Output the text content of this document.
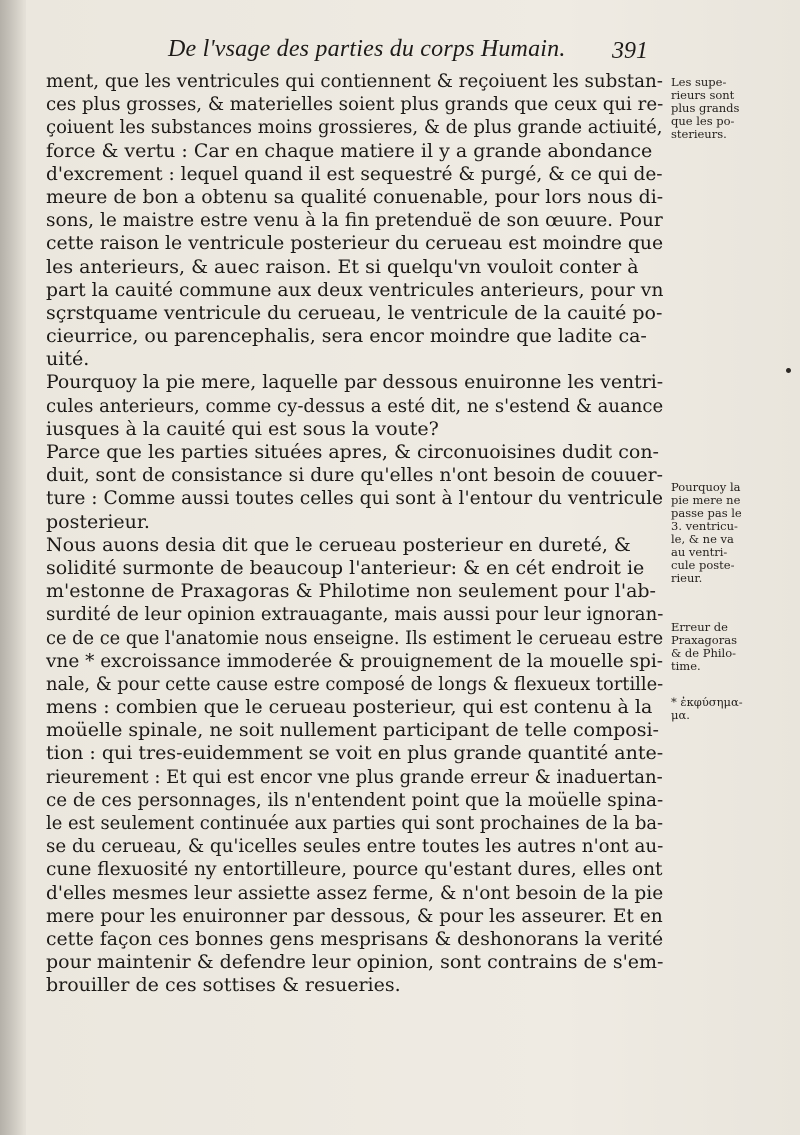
De l'vsage des parties du corps Humain. 391
ment, que les ventricules qui contiennent & reçoiuent les substan-
ces plus grosses, & materielles soient plus grands que ceux qui re-
çoiuent les substances moins grossieres, & de plus grande actiuité,
force & vertu : Car en chaque matiere il y a grande abondance
d'excrement : lequel quand il est sequestré & purgé, & ce qui de-
meure de bon a obtenu sa qualité conuenable, pour lors nous di-
sons, le maistre estre venu à la fin pretenduë de son œuure. Pour
cette raison le ventricule posterieur du cerueau est moindre que
les anterieurs, & auec raison. Et si quelqu'vn vouloit conter à
part la cauité commune aux deux ventricules anterieurs, pour vn
sçrstquame ventricule du cerueau, le ventricule de la cauité po-
cieurrice, ou parencephalis, sera encor moindre que ladite ca-
uité.
Pourquoy la pie mere, laquelle par dessous enuironne les ventri-
cules anterieurs, comme cy-dessus a esté dit, ne s'estend & auance
iusques à la cauité qui est sous la voute?
Parce que les parties situées apres, & circonuoisines dudit con-
duit, sont de consistance si dure qu'elles n'ont besoin de couuer-
ture : Comme aussi toutes celles qui sont à l'entour du ventricule
posterieur.
Nous auons desia dit que le cerueau posterieur en dureté, &
solidité surmonte de beaucoup l'anterieur: & en cét endroit ie
m'estonne de Praxagoras & Philotime non seulement pour l'ab-
surdité de leur opinion extrauagante, mais aussi pour leur ignoran-
ce de ce que l'anatomie nous enseigne. Ils estiment le cerueau estre
vne * excroissance immoderée & prouignement de la mouelle spi-
nale, & pour cette cause estre composé de longs & flexueux tortille-
mens : combien que le cerueau posterieur, qui est contenu à la
moüelle spinale, ne soit nullement participant de telle composi-
tion : qui tres-euidemment se voit en plus grande quantité ante-
rieurement : Et qui est encor vne plus grande erreur & inaduertan-
ce de ces personnages, ils n'entendent point que la moüelle spina-
le est seulement continuée aux parties qui sont prochaines de la ba-
se du cerueau, & qu'icelles seules entre toutes les autres n'ont au-
cune flexuosité ny entortilleure, pource qu'estant dures, elles ont
d'elles mesmes leur assiette assez ferme, & n'ont besoin de la pie
mere pour les enuironner par dessous, & pour les asseurer. Et en
cette façon ces bonnes gens mesprisans & deshonorans la verité
pour maintenir & defendre leur opinion, sont contrains de s'em-
brouiller de ces sottises & resueries.
Les supe-
rieurs sont
plus grands
que les po-
sterieurs.
Pourquoy la
pie mere ne
passe pas le
3. ventricu-
le, & ne va
au ventri-
cule poste-
rieur.
Erreur de
Praxagoras
& de Philo-
time.
* ἐκφύσημα-
μα.
